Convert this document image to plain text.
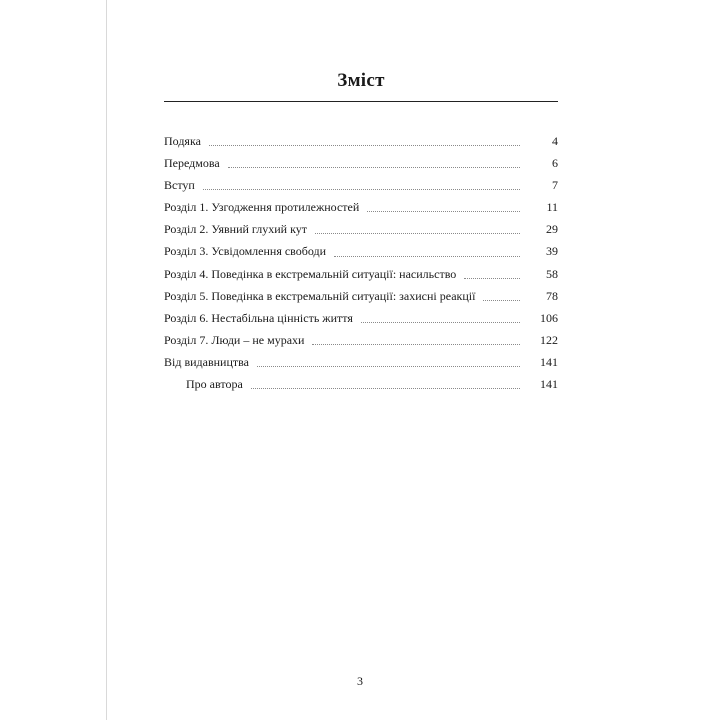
Зміст
Подяка	4
Передмова	6
Вступ	7
Розділ 1. Узгодження протилежностей	11
Розділ 2. Уявний глухий кут	29
Розділ 3. Усвідомлення свободи	39
Розділ 4. Поведінка в екстремальній ситуації: насильство	58
Розділ 5. Поведінка в екстремальній ситуації: захисні реакції	78
Розділ 6. Нестабільна цінність життя	106
Розділ 7. Люди – не мурахи	122
Від видавництва	141
Про автора	141
3
